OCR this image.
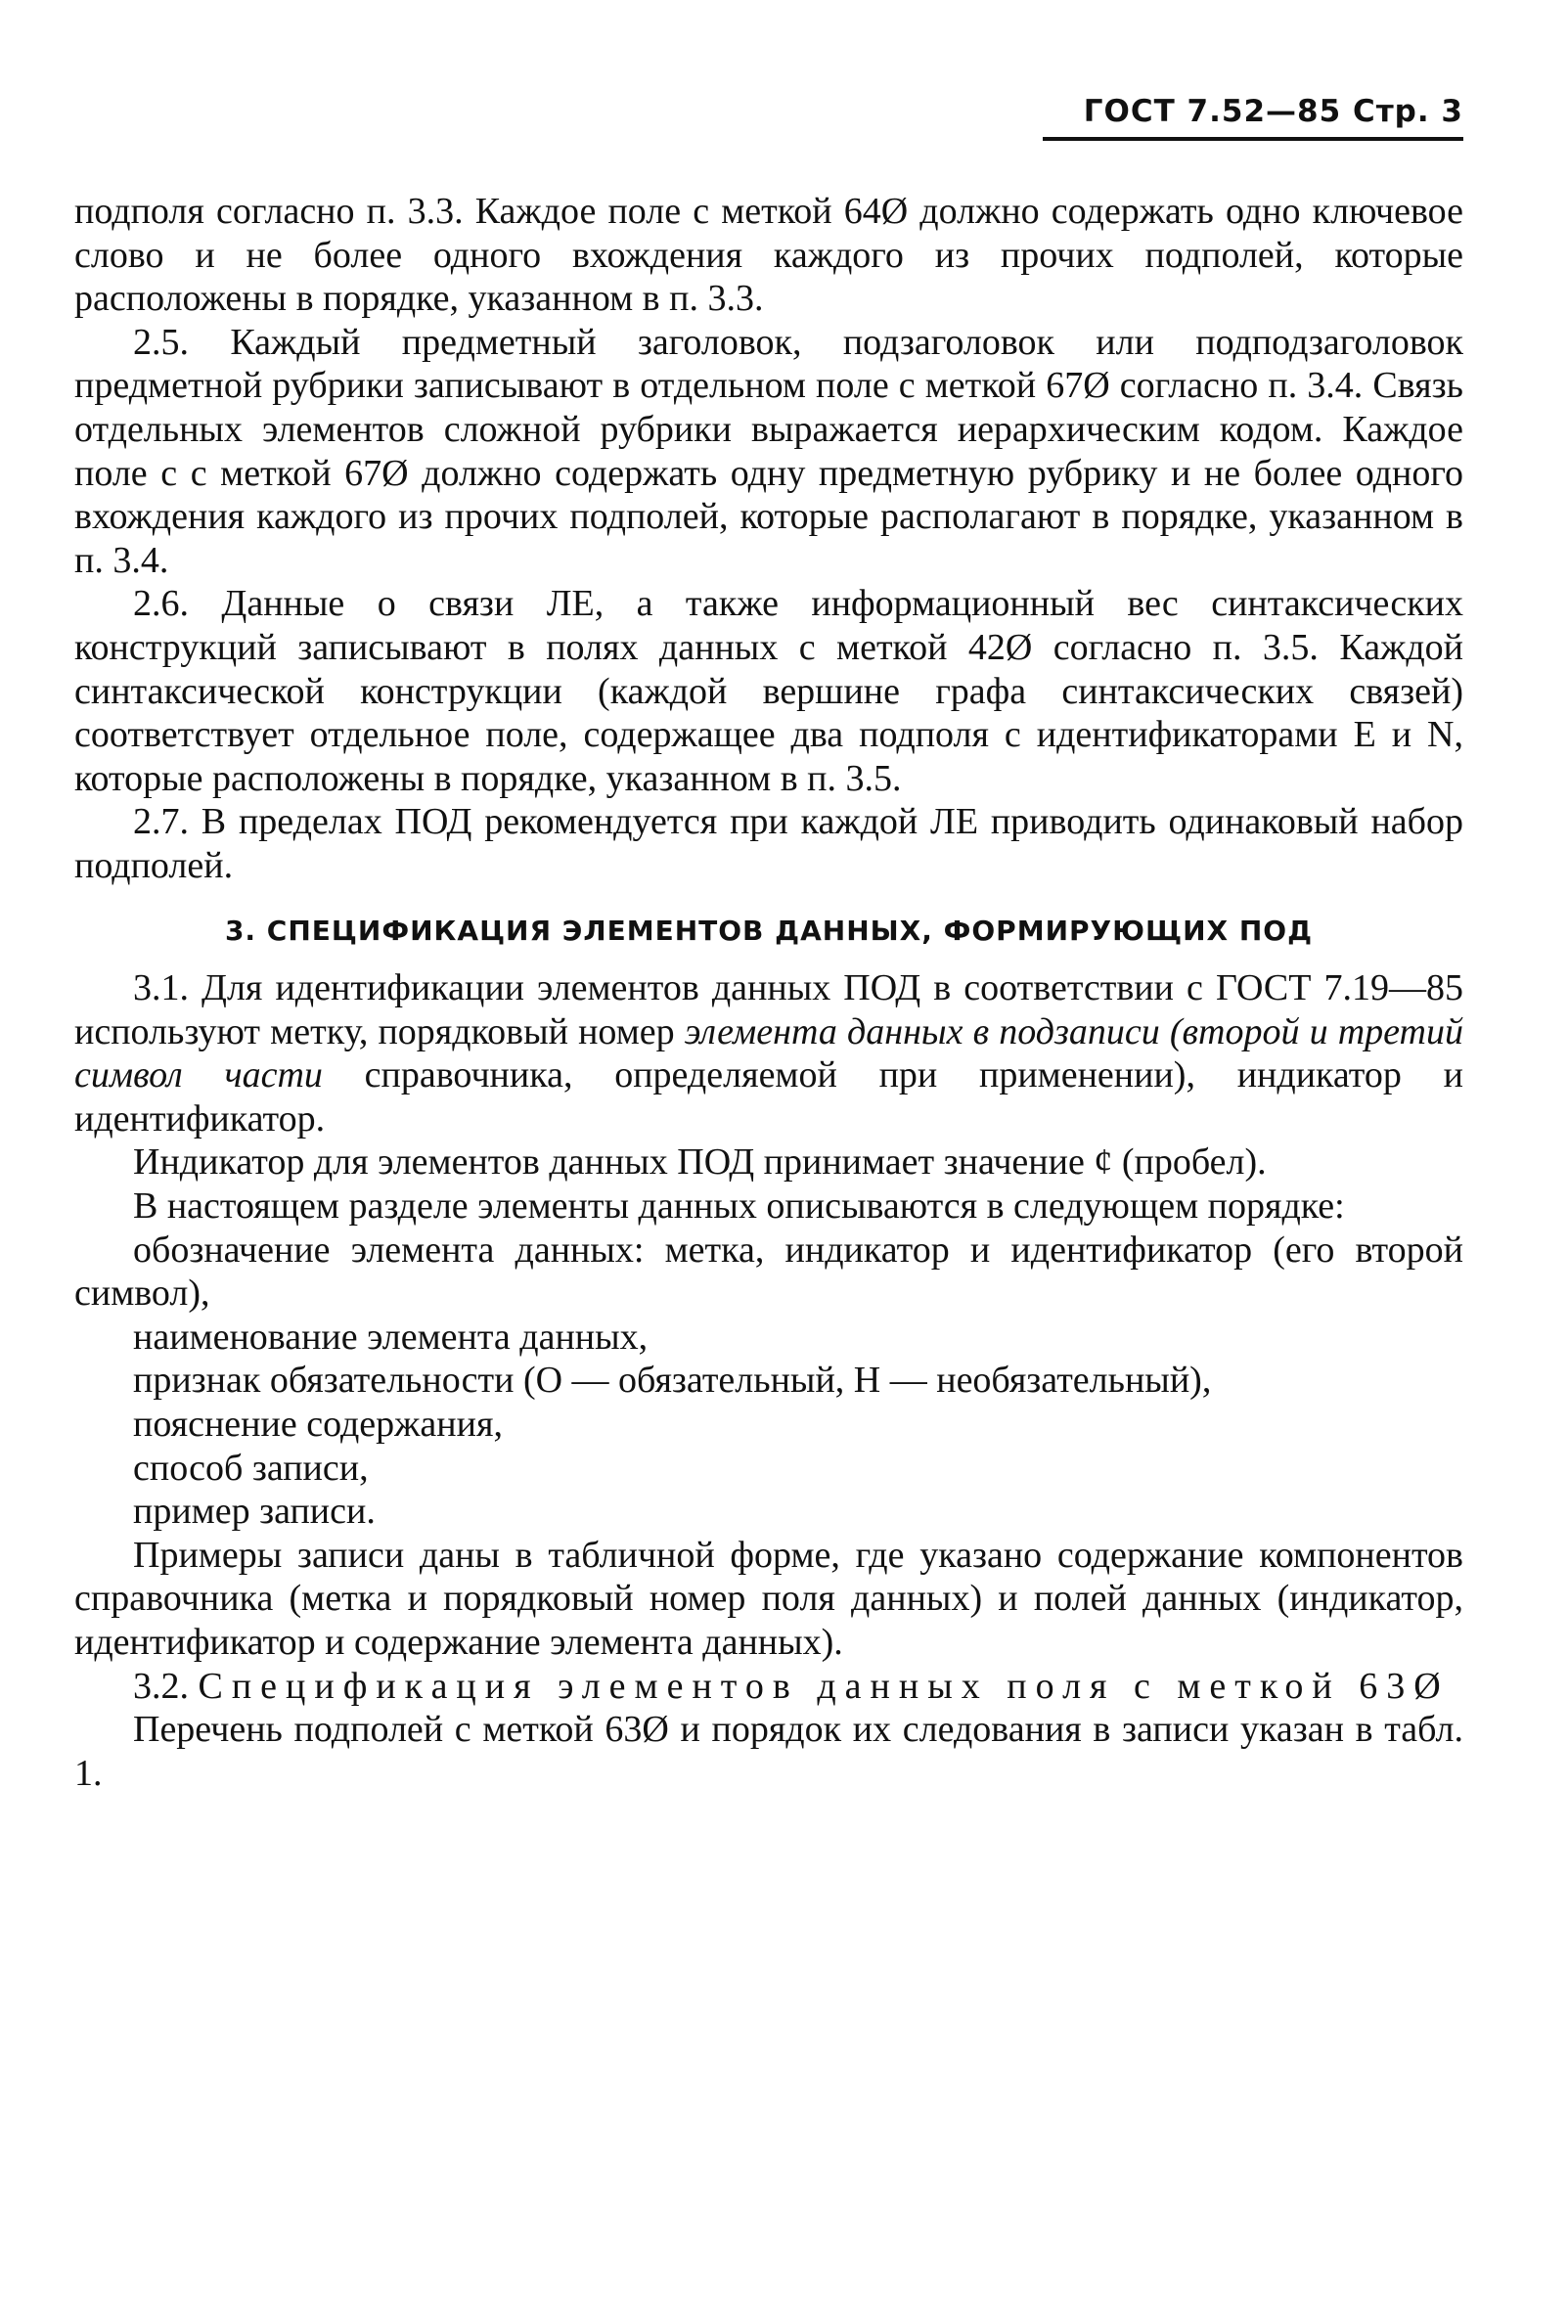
ГОСТ 7.52—85 Стр. 3

подполя согласно п. 3.3. Каждое поле с меткой 64Ø должно содержать одно ключевое слово и не более одного вхождения каждого из прочих подполей, которые расположены в порядке, указанном в п. 3.3.

2.5. Каждый предметный заголовок, подзаголовок или подподзаголовок предметной рубрики записывают в отдельном поле с меткой 67Ø согласно п. 3.4. Связь отдельных элементов сложной рубрики выражается иерархическим кодом. Каждое поле с с меткой 67Ø должно содержать одну предметную рубрику и не более одного вхождения каждого из прочих подполей, которые располагают в порядке, указанном в п. 3.4.

2.6. Данные о связи ЛЕ, а также информационный вес синтаксических конструкций записывают в полях данных с меткой 42Ø согласно п. 3.5. Каждой синтаксической конструкции (каждой вершине графа синтаксических связей) соответствует отдельное поле, содержащее два подполя с идентификаторами E и N, которые расположены в порядке, указанном в п. 3.5.

2.7. В пределах ПОД рекомендуется при каждой ЛЕ приводить одинаковый набор подполей.

3. СПЕЦИФИКАЦИЯ ЭЛЕМЕНТОВ ДАННЫХ, ФОРМИРУЮЩИХ ПОД

3.1. Для идентификации элементов данных ПОД в соответствии с ГОСТ 7.19—85 используют метку, порядковый номер элемента данных в подзаписи (второй и третий символ части справочника, определяемой при применении), индикатор и идентификатор.

Индикатор для элементов данных ПОД принимает значение ¢ (пробел).

В настоящем разделе элементы данных описываются в следующем порядке:

обозначение элемента данных: метка, индикатор и идентификатор (его второй символ),

наименование элемента данных,

признак обязательности (О — обязательный, Н — необязательный),

пояснение содержания,

способ записи,

пример записи.

Примеры записи даны в табличной форме, где указано содержание компонентов справочника (метка и порядковый номер поля данных) и полей данных (индикатор, идентификатор и содержание элемента данных).

3.2. Спецификация элементов данных поля с меткой 63Ø

Перечень подполей с меткой 63Ø и порядок их следования в записи указан в табл. 1.
